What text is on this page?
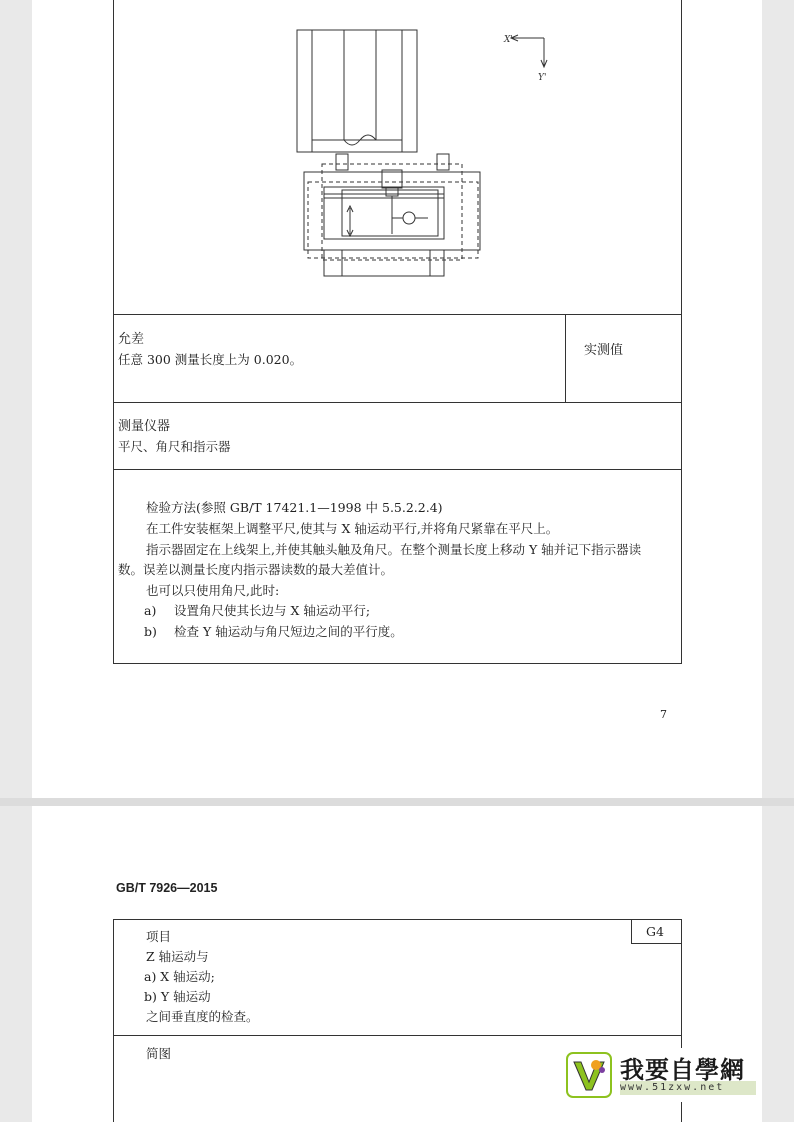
X'
Y'
允差
任意 300 测量长度上为 0.020。
实测值
测量仪器
平尺、角尺和指示器
检验方法(参照 GB/T 17421.1—1998 中 5.5.2.2.4)
在工件安装框架上调整平尺,使其与 X 轴运动平行,并将角尺紧靠在平尺上。
指示器固定在上线架上,并使其触头触及角尺。在整个测量长度上移动 Y 轴并记下指示器读
数。误差以测量长度内指示器读数的最大差值计。
也可以只使用角尺,此时:
a) 设置角尺使其长边与 X 轴运动平行;
b) 检查 Y 轴运动与角尺短边之间的平行度。
7
GB/T 7926—2015
G4
项目
Z 轴运动与
a) X 轴运动;
b) Y 轴运动
之间垂直度的检查。
简图
我要自學網
www.51zxw.net
